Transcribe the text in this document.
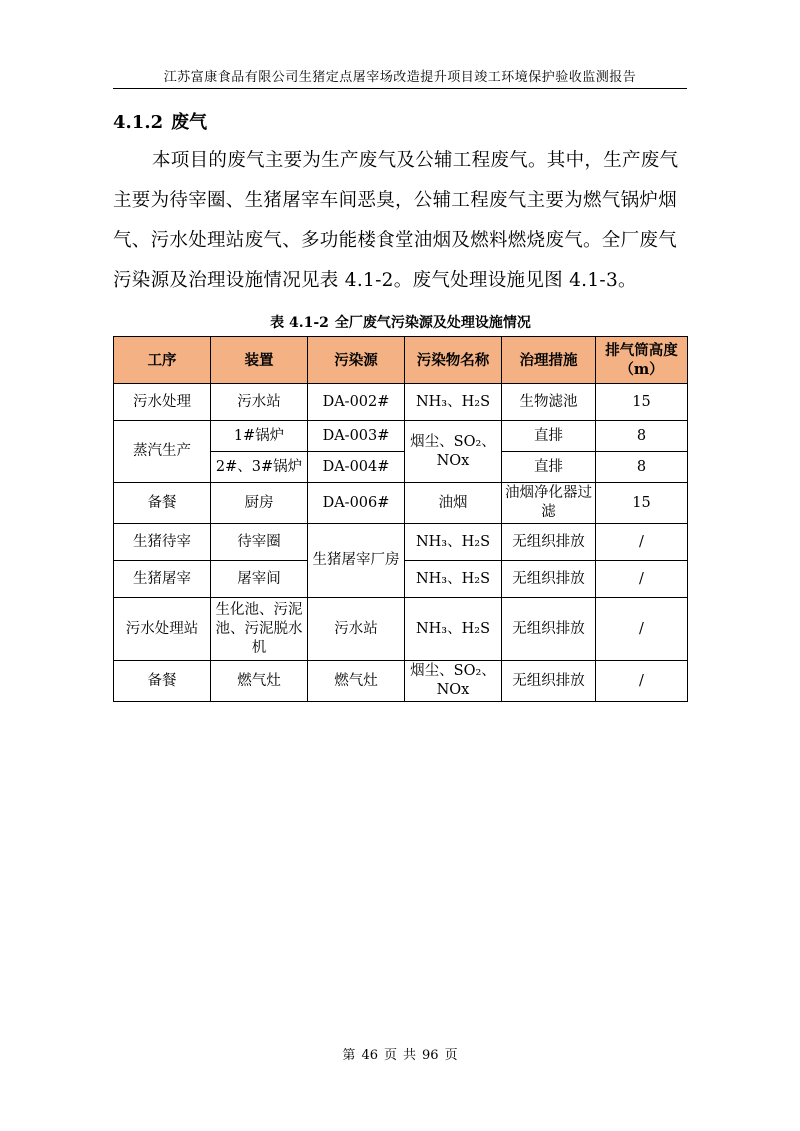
江苏富康食品有限公司生猪定点屠宰场改造提升项目竣工环境保护验收监测报告
4.1.2 废气

本项目的废气主要为生产废气及公辅工程废气。其中，生产废气主要为待宰圈、生猪屠宰车间恶臭，公辅工程废气主要为燃气锅炉烟气、污水处理站废气、多功能楼食堂油烟及燃料燃烧废气。全厂废气污染源及治理设施情况见表 4.1-2。废气处理设施见图 4.1-3。

表 4.1-2 全厂废气污染源及处理设施情况
工序	装置	污染源	污染物名称	治理措施	排气筒高度（m）
污水处理	污水站	DA-002#	NH₃、H₂S	生物滤池	15
蒸汽生产	1#锅炉	DA-003#	烟尘、SO₂、NOx	直排	8
	2#、3#锅炉	DA-004#		直排	8
备餐	厨房	DA-006#	油烟	油烟净化器过滤	15
生猪待宰	待宰圈	生猪屠宰厂房	NH₃、H₂S	无组织排放	/
生猪屠宰	屠宰间		NH₃、H₂S	无组织排放	/
污水处理站	生化池、污泥池、污泥脱水机	污水站	NH₃、H₂S	无组织排放	/
备餐	燃气灶	燃气灶	烟尘、SO₂、NOx	无组织排放	/
第 46 页 共 96 页
